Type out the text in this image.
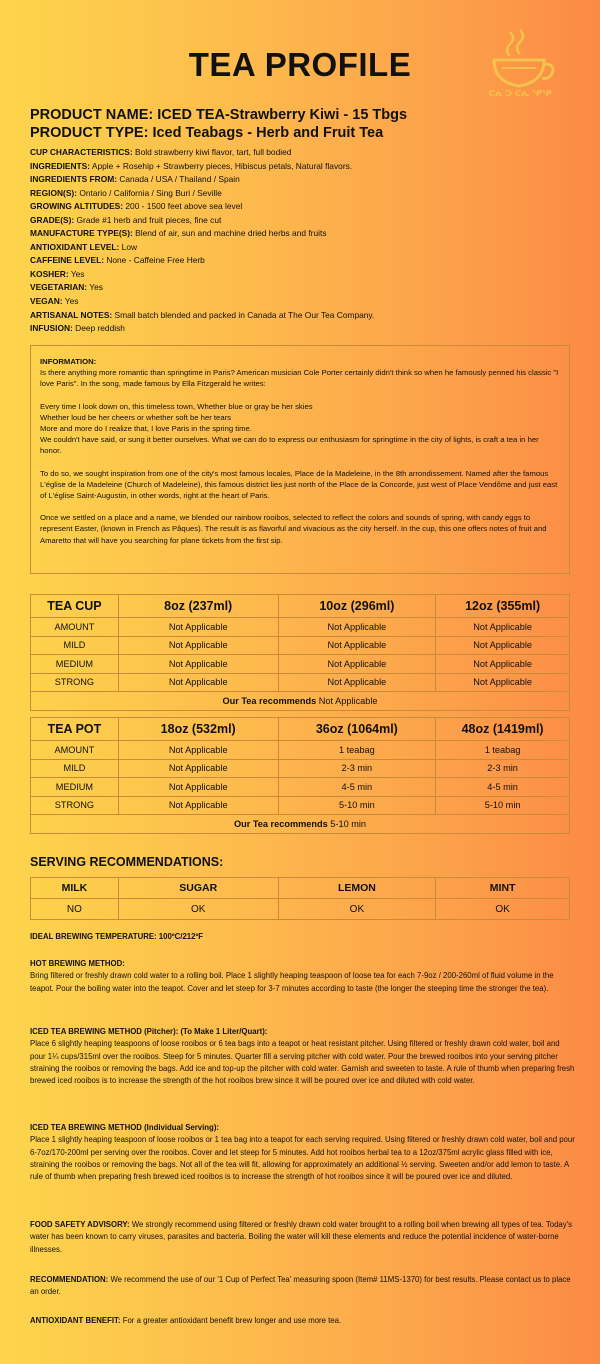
TEA PROFILE
ᕦᕇ ᕤ ᕦᕇ ᕿᕿ
PRODUCT NAME: ICED TEA-Strawberry Kiwi - 15 Tbgs
PRODUCT TYPE: Iced Teabags - Herb and Fruit Tea
CUP CHARACTERISTICS: Bold strawberry kiwi flavor, tart, full bodied
INGREDIENTS: Apple + Rosehip + Strawberry pieces, Hibiscus petals, Natural flavors.
INGREDIENTS FROM: Canada / USA / Thailand / Spain
REGION(S): Ontario / California / Sing Buri / Seville
GROWING ALTITUDES: 200 - 1500 feet above sea level
GRADE(S): Grade #1 herb and fruit pieces, fine cut
MANUFACTURE TYPE(S): Blend of air, sun and machine dried herbs and fruits
ANTIOXIDANT LEVEL: Low
CAFFEINE LEVEL: None - Caffeine Free Herb
KOSHER: Yes
VEGETARIAN: Yes
VEGAN: Yes
ARTISANAL NOTES: Small batch blended and packed in Canada at The Our Tea Company.
INFUSION: Deep reddish

INFORMATION:
Is there anything more romantic than springtime in Paris? American musician Cole Porter certainly didn't think so when he famously penned his classic "I love Paris". In the song, made famous by Ella Fitzgerald he writes:

Every time I look down on, this timeless town, Whether blue or gray be her skies
Whether loud be her cheers or whether soft be her tears
More and more do I realize that, I love Paris in the spring time.
We couldn't have said, or sung it better ourselves. What we can do to express our enthusiasm for springtime in the city of lights, is craft a tea in her honor.

To do so, we sought inspiration from one of the city's most famous locales, Place de la Madeleine, in the 8th arrondissement. Named after the famous L'église de la Madeleine (Church of Madeleine), this famous district lies just north of the Place de la Concorde, just west of Place Vendôme and just east of L'église Saint-Augustin, in other words, right at the heart of Paris.

Once we settled on a place and a name, we blended our rainbow rooibos, selected to reflect the colors and sounds of spring, with candy eggs to represent Easter, (known in French as Pâques). The result is as flavorful and vivacious as the city herself. In the cup, this one offers notes of fruit and Amaretto that will have you searching for plane tickets from the first sip.

TEA CUP	8oz (237ml)	10oz (296ml)	12oz (355ml)
AMOUNT	Not Applicable	Not Applicable	Not Applicable
MILD	Not Applicable	Not Applicable	Not Applicable
MEDIUM	Not Applicable	Not Applicable	Not Applicable
STRONG	Not Applicable	Not Applicable	Not Applicable
Our Tea recommends Not Applicable			
TEA POT	18oz (532ml)	36oz (1064ml)	48oz (1419ml)
AMOUNT	Not Applicable	1 teabag	1 teabag
MILD	Not Applicable	2-3 min	2-3 min
MEDIUM	Not Applicable	4-5 min	4-5 min
STRONG	Not Applicable	5-10 min	5-10 min
Our Tea recommends 5-10 min			
SERVING RECOMMENDATIONS:
MILK	SUGAR	LEMON	MINT
NO	OK	OK	OK
IDEAL BREWING TEMPERATURE: 100ºC/212ºF
HOT BREWING METHOD:
Bring filtered or freshly drawn cold water to a rolling boil. Place 1 slightly heaping teaspoon of loose tea for each 7-9oz / 200-260ml of fluid volume in the teapot. Pour the boiling water into the teapot. Cover and let steep for 3-7 minutes according to taste (the longer the steeping time the stronger the tea).
ICED TEA BREWING METHOD (Pitcher): (To Make 1 Liter/Quart):
Place 6 slightly heaping teaspoons of loose rooibos or 6 tea bags into a teapot or heat resistant pitcher. Using filtered or freshly drawn cold water, boil and pour 1¼ cups/315ml over the rooibos. Steep for 5 minutes. Quarter fill a serving pitcher with cold water. Pour the brewed rooibos into your serving pitcher straining the rooibos or removing the bags. Add ice and top-up the pitcher with cold water. Garnish and sweeten to taste. A rule of thumb when preparing fresh brewed iced rooibos is to increase the strength of the hot rooibos brew since it will be poured over ice and diluted with cold water.
ICED TEA BREWING METHOD (Individual Serving):
Place 1 slightly heaping teaspoon of loose rooibos or 1 tea bag into a teapot for each serving required. Using filtered or freshly drawn cold water, boil and pour 6-7oz/170-200ml per serving over the rooibos. Cover and let steep for 5 minutes. Add hot rooibos herbal tea to a 12oz/375ml acrylic glass filled with ice, straining the rooibos or removing the bags. Not all of the tea will fit, allowing for approximately an additional ½ serving. Sweeten and/or add lemon to taste. A rule of thumb when preparing fresh brewed iced rooibos is to increase the strength of hot rooibos since it will be poured over ice and diluted.
FOOD SAFETY ADVISORY: We strongly recommend using filtered or freshly drawn cold water brought to a rolling boil when brewing all types of tea. Today's water has been known to carry viruses, parasites and bacteria. Boiling the water will kill these elements and reduce the potential incidence of water-borne illnesses.
RECOMMENDATION: We recommend the use of our '1 Cup of Perfect Tea' measuring spoon (Item# 11MS-1370) for best results. Please contact us to place an order.
ANTIOXIDANT BENEFIT: For a greater antioxidant benefit brew longer and use more tea.
